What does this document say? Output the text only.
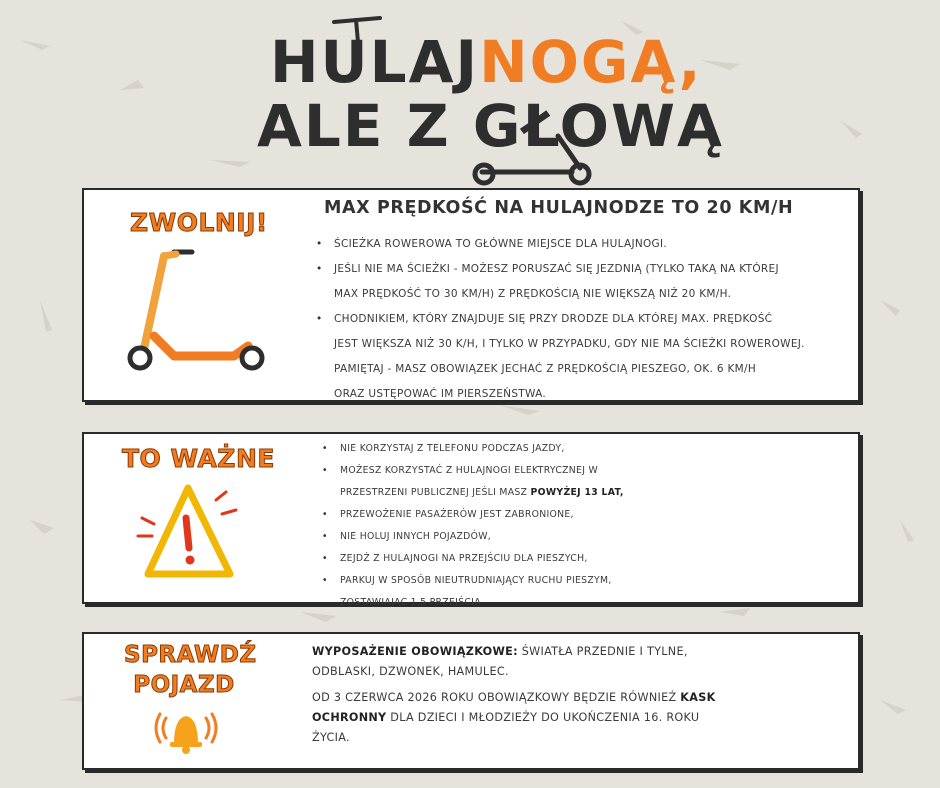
HULAJNOGĄ,
ALE Z GŁOWĄ
ZWOLNIJ!	MAX PRĘDKOŚĆ NA HULAJNODZE TO 20 KM/H
• ŚCIEŻKA ROWEROWA TO GŁÓWNE MIEJSCE DLA HULAJNOGI.
• JEŚLI NIE MA ŚCIEŻKI - MOŻESZ PORUSZAĆ SIĘ JEZDNIĄ (TYLKO TAKĄ NA KTÓREJ
MAX PRĘDKOŚĆ TO 30 KM/H) Z PRĘDKOŚCIĄ NIE WIĘKSZĄ NIŻ 20 KM/H.
• CHODNIKIEM, KTÓRY ZNAJDUJE SIĘ PRZY DRODZE DLA KTÓREJ MAX. PRĘDKOŚĆ
JEST WIĘKSZA NIŻ 30 K/H, I TYLKO W PRZYPADKU, GDY NIE MA ŚCIEŻKI ROWEROWEJ.
PAMIĘTAJ - MASZ OBOWIĄZEK JECHAĆ Z PRĘDKOŚCIĄ PIESZEGO, OK. 6 KM/H
ORAZ USTĘPOWAĆ IM PIERSZEŃSTWA.
TO WAŻNE
•	NIE KORZYSTAJ Z TELEFONU PODCZAS JAZDY,
• MOŻESZ KORZYSTAĆ Z HULAJNOGI ELEKTRYCZNEJ W
PRZESTRZENI PUBLICZNEJ JEŚLI MASZ POWYŻEJ 13 LAT,
• PRZEWOŻENIE PASAŻERÓW JEST ZABRONIONE,
• NIE HOLUJ INNYCH POJAZDÓW,
• ZEJDŹ Z HULAJNOGI NA PRZEJŚCIU DLA PIESZYCH,
• PARKUJ W SPOSÓB NIEUTRUDNIAJĄCY RUCHU PIESZYM,
ZOSTAWIAJĄC 1,5 PRZEJŚCIA
SPRAWDŹ
POJAZD

WYPOSAŻENIE OBOWIĄZKOWE: ŚWIATŁA PRZEDNIE I TYLNE, ODBLASKI, DZWONEK, HAMULEC.

OD 3 CZERWCA 2026 ROKU OBOWIĄZKOWY BĘDZIE RÓWNIEŻ KASK OCHRONNY DLA DZIECI I MŁODZIEŻY DO UKOŃCZENIA 16. ROKU ŻYCIA.
